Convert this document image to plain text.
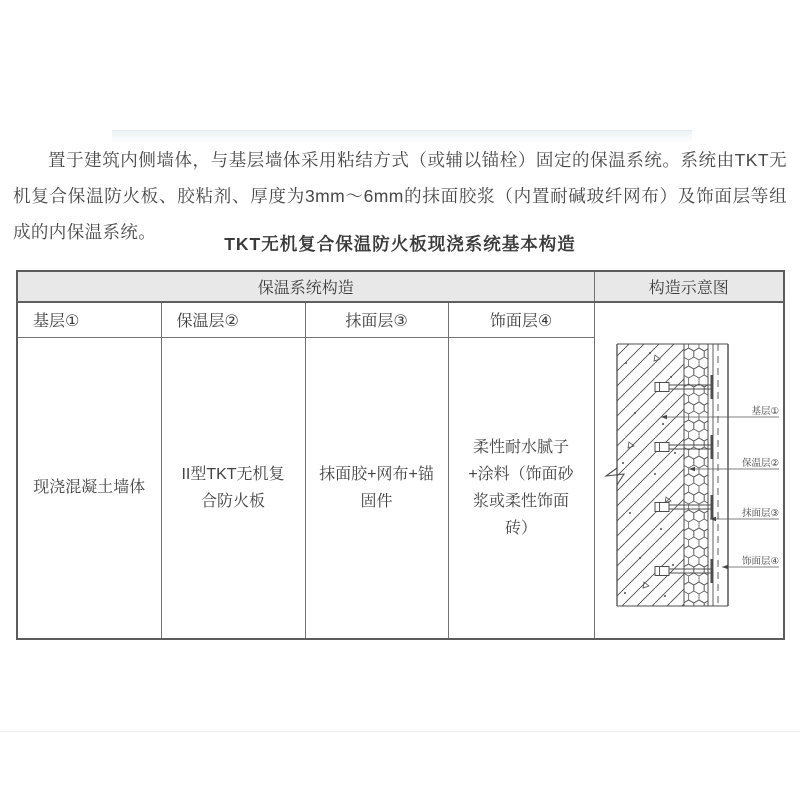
置于建筑内侧墙体，与基层墙体采用粘结方式（或辅以锚栓）固定的保温系统。系统由TKT无机复合保温防火板、胶粘剂、厚度为3mm～6mm的抹面胶浆（内置耐碱玻纤网布）及饰面层等组成的内保温系统。

TKT无机复合保温防火板现浇系统基本构造
保温系统构造				构造示意图
基层①	保温层②	抹面层③	饰面层④	基层①
保温层②
抹面层③
饰面层④

现浇混凝土墙体	II型TKT无机复合防火板	抹面胶+网布+锚固件	柔性耐水腻子+涂料（饰面砂浆或柔性饰面砖）	
